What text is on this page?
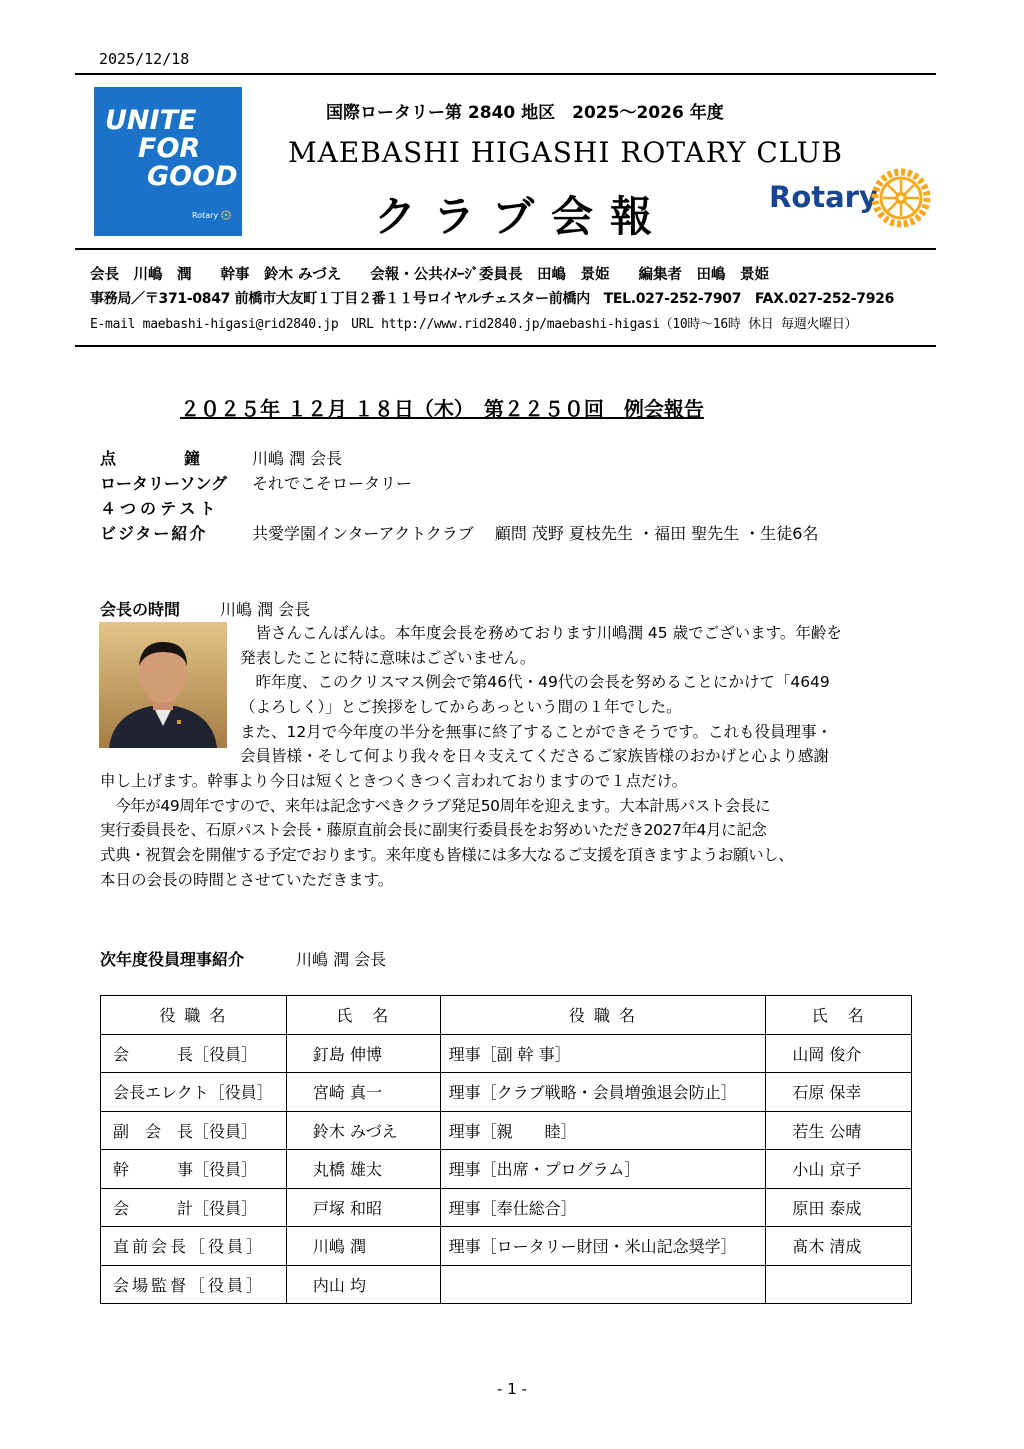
2025/12/18
UNITE
FOR
GOOD
Rotary
国際ロータリー第 2840 地区　2025～2026 年度
MAEBASHI HIGASHI ROTARY CLUB
クラブ会報	Rotary
会長　川嶋　潤　　幹事　鈴木 みづえ　　会報・公共ｲﾒｰｼﾞ委員長　田嶋　景姫　　編集者　田嶋　景姫
事務局／〒371-0847 前橋市大友町１丁目２番１１号ロイヤルチェスター前橋内　TEL.027-252-7907　FAX.027-252-7926
E-mail maebashi-higasi@rid2840.jp　URL http://www.rid2840.jp/maebashi-higasi（10時～16時 休日 毎週火曜日）
２０２５年 １２月 １８日（木）　第２２５０回　例会報告
点　　　鐘	川嶋 潤 会長
ロータリーソング それでこそロータリー
４つのテスト
ビジター紹介	共愛学園インターアクトクラブ　 顧問 茂野 夏枝先生 ・福田 聖先生 ・生徒6名
会長の時間 川嶋 潤 会長
　皆さんこんばんは。本年度会長を務めております川嶋潤 45 歳でございます。年齢を
発表したことに特に意味はございません。
　昨年度、このクリスマス例会で第46代・49代の会長を努めることにかけて「4649
（よろしく）」とご挨拶をしてからあっという間の１年でした。
また、12月で今年度の半分を無事に終了することができそうです。これも役員理事・
会員皆様・そして何より我々を日々支えてくださるご家族皆様のおかげと心より感謝
申し上げます。幹事より今日は短くときつくきつく言われておりますので１点だけ。
　今年が49周年ですので、来年は記念すべきクラブ発足50周年を迎えます。大本計馬パスト会長に
実行委員長を、石原パスト会長・藤原直前会長に副実行委員長をお努めいただき2027年4月に記念
式典・祝賀会を開催する予定でおります。来年度も皆様には多大なるご支援を頂きますようお願いし、
本日の会長の時間とさせていただきます。
次年度役員理事紹介	川嶋 潤 会長
役 職 名	氏　名	役 職 名	氏　名
会　　　長［役員］	釘島 伸博	理事［副 幹 事］	山岡 俊介
会長エレクト［役員］	宮崎 真一	理事［クラブ戦略・会員増強退会防止］	石原 保幸
副　会　長［役員］	鈴木 みづえ	理事［親　　睦］	若生 公晴
幹　　　事［役員］	丸橋 雄太	理事［出席・プログラム］	小山 京子
会　　　計［役員］	戸塚 和昭	理事［奉仕総合］	原田 泰成
直前会長［役員］	川嶋 潤	理事［ロータリー財団・米山記念奨学］	髙木 清成
会場監督［役員］	内山 均		
- 1 -
